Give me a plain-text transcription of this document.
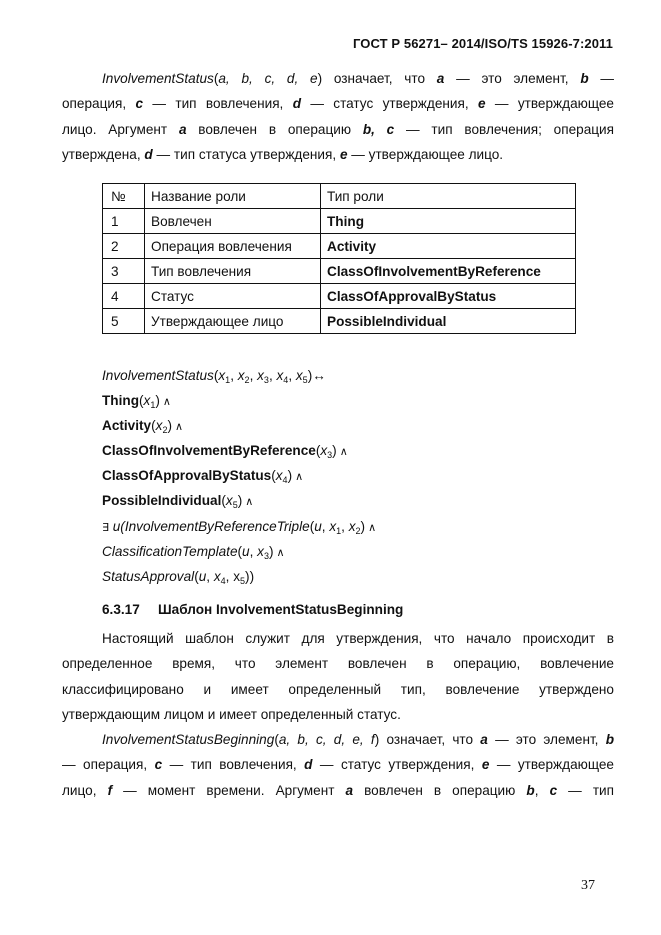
ГОСТ Р 56271– 2014/ISO/TS 15926-7:2011
InvolvementStatus(a, b, c, d, e) означает, что a — это элемент, b —
операция, c — тип вовлечения, d — статус утверждения, e — утверждающее
лицо. Аргумент a вовлечен в операцию b, c — тип вовлечения; операция
утверждена, d — тип статуса утверждения, e — утверждающее лицо.
№	Название роли	Тип роли
1	Вовлечен	Thing
2	Операция вовлечения	Activity
3	Тип вовлечения	ClassOfInvolvementByReference
4	Статус	ClassOfApprovalByStatus
5	Утверждающее лицо	PossibleIndividual
$InvolvementStatus(x_1$, $x_2$, $x_3$, $x_4$, $x_5)\leftrightarrow$
$Thing(x_1)$ ∧
$Activity(x_2)$ ∧
$ClassOfInvolvementByReference(x_3)$ ∧
$ClassOfApprovalByStatus(x_4)$ ∧
$PossibleIndividual(x_5)$ ∧
∃ u(InvolvementByReferenceTriple(u, $x_1$, $x_2$) ∧
ClassificationTemplate(u, $x_3$) ∧
StatusApproval(u, $x_4$, $x_5$))
6.3.17 Шаблон InvolvementStatusBeginning
Настоящий шаблон служит для утверждения, что начало происходит в
определенное время, что элемент вовлечен в операцию, вовлечение
классифицировано и имеет определенный тип, вовлечение утверждено
утверждающим лицом и имеет определенный статус.
InvolvementStatusBeginning(a, b, c, d, e, f) означает, что a — это элемент, b
— операция, c — тип вовлечения, d — статус утверждения, e — утверждающее
лицо, f — момент времени. Аргумент a вовлечен в операцию b, c — тип
37
